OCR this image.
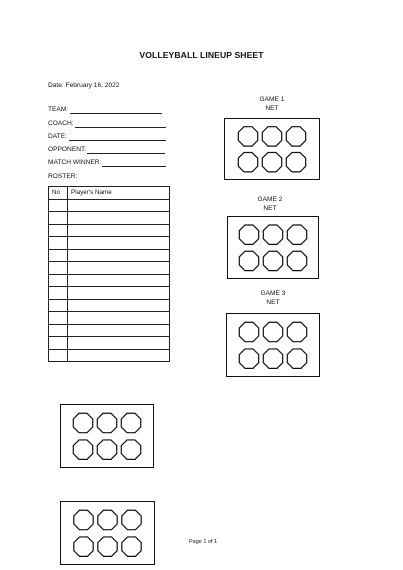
VOLLEYBALL LINEUP SHEET
Date: February 16, 2022
TEAM:
COACH:
DATE:
OPPONENT:
MATCH WINNER:
ROSTER:
No	Player's Name

GAME 1
NET
GAME 2
NET
GAME 3
NET
Page 1 of 1
